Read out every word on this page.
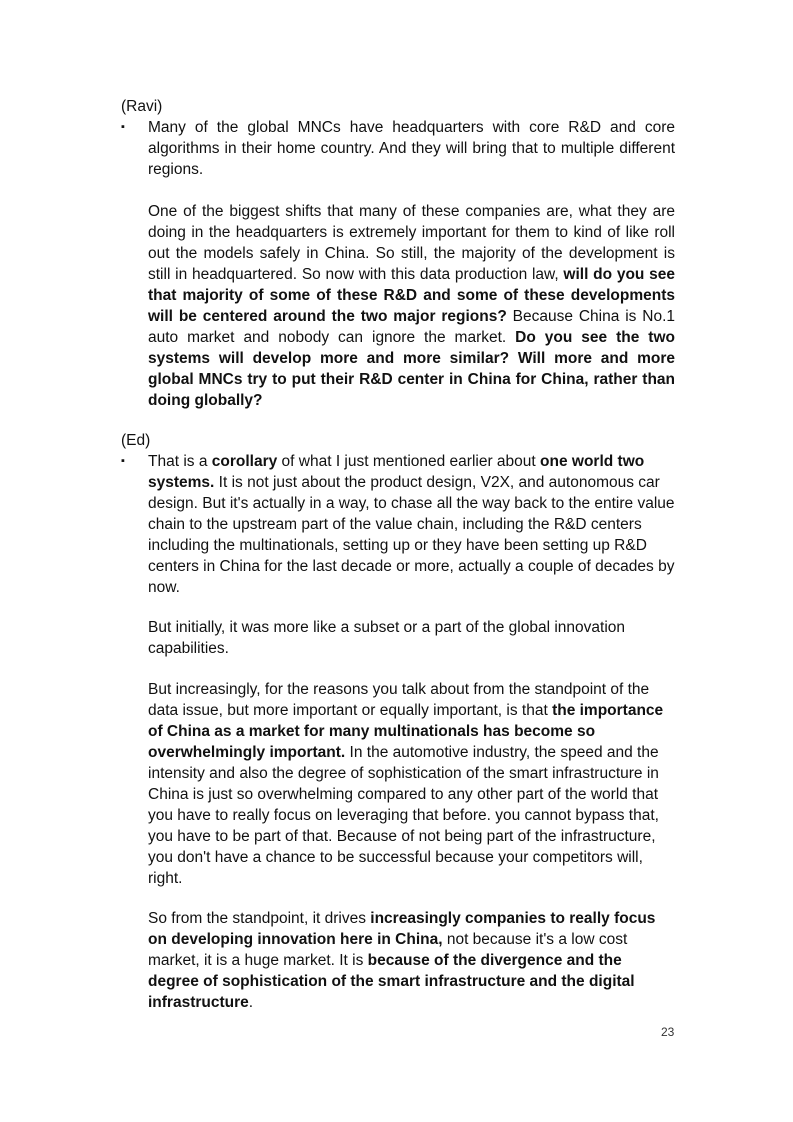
(Ravi)
▪ Many of the global MNCs have headquarters with core R&D and core algorithms in their home country. And they will bring that to multiple different regions.

One of the biggest shifts that many of these companies are, what they are doing in the headquarters is extremely important for them to kind of like roll out the models safely in China. So still, the majority of the development is still in headquartered. So now with this data production law, will do you see that majority of some of these R&D and some of these developments will be centered around the two major regions? Because China is No.1 auto market and nobody can ignore the market. Do you see the two systems will develop more and more similar? Will more and more global MNCs try to put their R&D center in China for China, rather than doing globally?

(Ed)
▪ That is a corollary of what I just mentioned earlier about one world two systems. It is not just about the product design, V2X, and autonomous car design. But it's actually in a way, to chase all the way back to the entire value chain to the upstream part of the value chain, including the R&D centers including the multinationals, setting up or they have been setting up R&D centers in China for the last decade or more, actually a couple of decades by now.

But initially, it was more like a subset or a part of the global innovation capabilities.

But increasingly, for the reasons you talk about from the standpoint of the data issue, but more important or equally important, is that the importance of China as a market for many multinationals has become so overwhelmingly important. In the automotive industry, the speed and the intensity and also the degree of sophistication of the smart infrastructure in China is just so overwhelming compared to any other part of the world that you have to really focus on leveraging that before. you cannot bypass that, you have to be part of that. Because of not being part of the infrastructure, you don't have a chance to be successful because your competitors will, right.

So from the standpoint, it drives increasingly companies to really focus on developing innovation here in China, not because it's a low cost market, it is a huge market. It is because of the divergence and the degree of sophistication of the smart infrastructure and the digital infrastructure.

23
